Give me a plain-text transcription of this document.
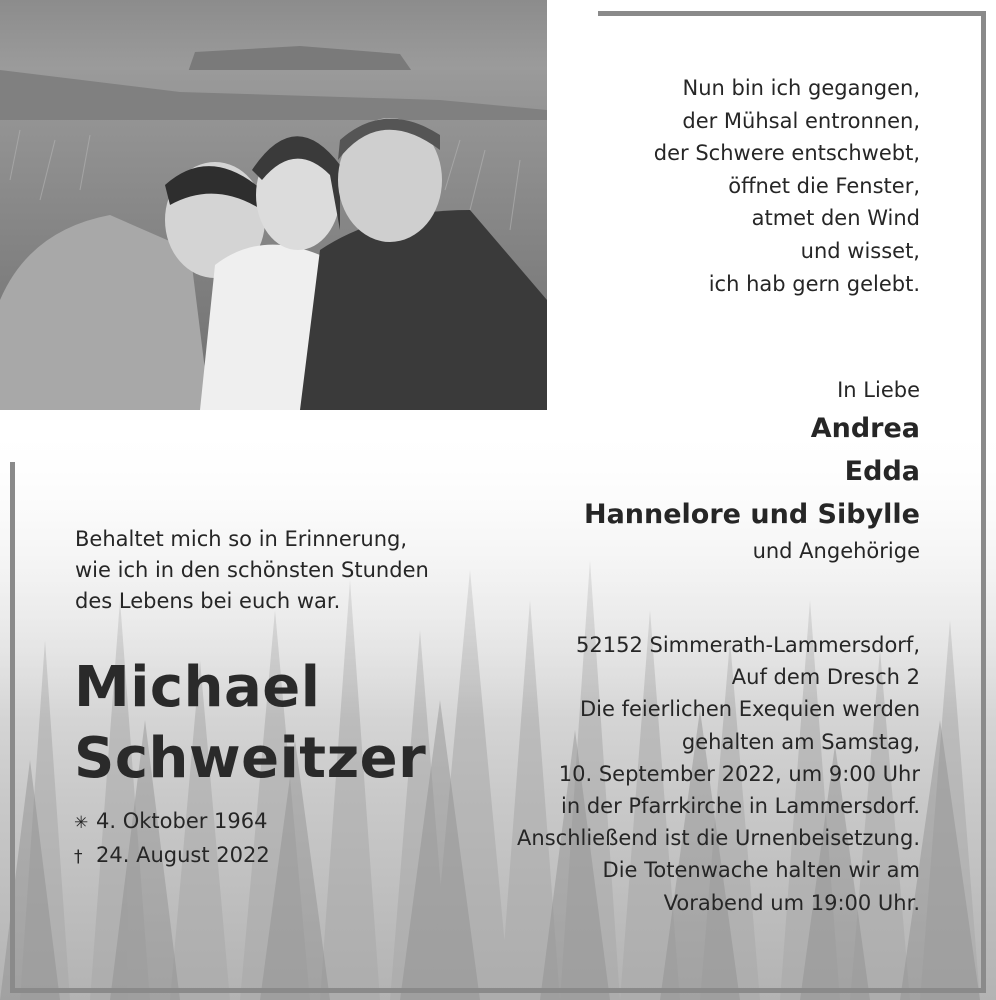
Nun bin ich gegangen,
der Mühsal entronnen,
der Schwere entschwebt,
öffnet die Fenster,
atmet den Wind
und wisset,
ich hab gern gelebt.
In Liebe
Andrea
Edda
Hannelore und Sibylle
und Angehörige
Behaltet mich so in Erinnerung,
wie ich in den schönsten Stunden
des Lebens bei euch war.
Michael
Schweitzer
✳ 4. Oktober 1964
† 24. August 2022
52152 Simmerath-Lammersdorf,
Auf dem Dresch 2
Die feierlichen Exequien werden
gehalten am Samstag,
10. September 2022, um 9:00 Uhr
in der Pfarrkirche in Lammersdorf.
Anschließend ist die Urnenbeisetzung.
Die Totenwache halten wir am
Vorabend um 19:00 Uhr.
